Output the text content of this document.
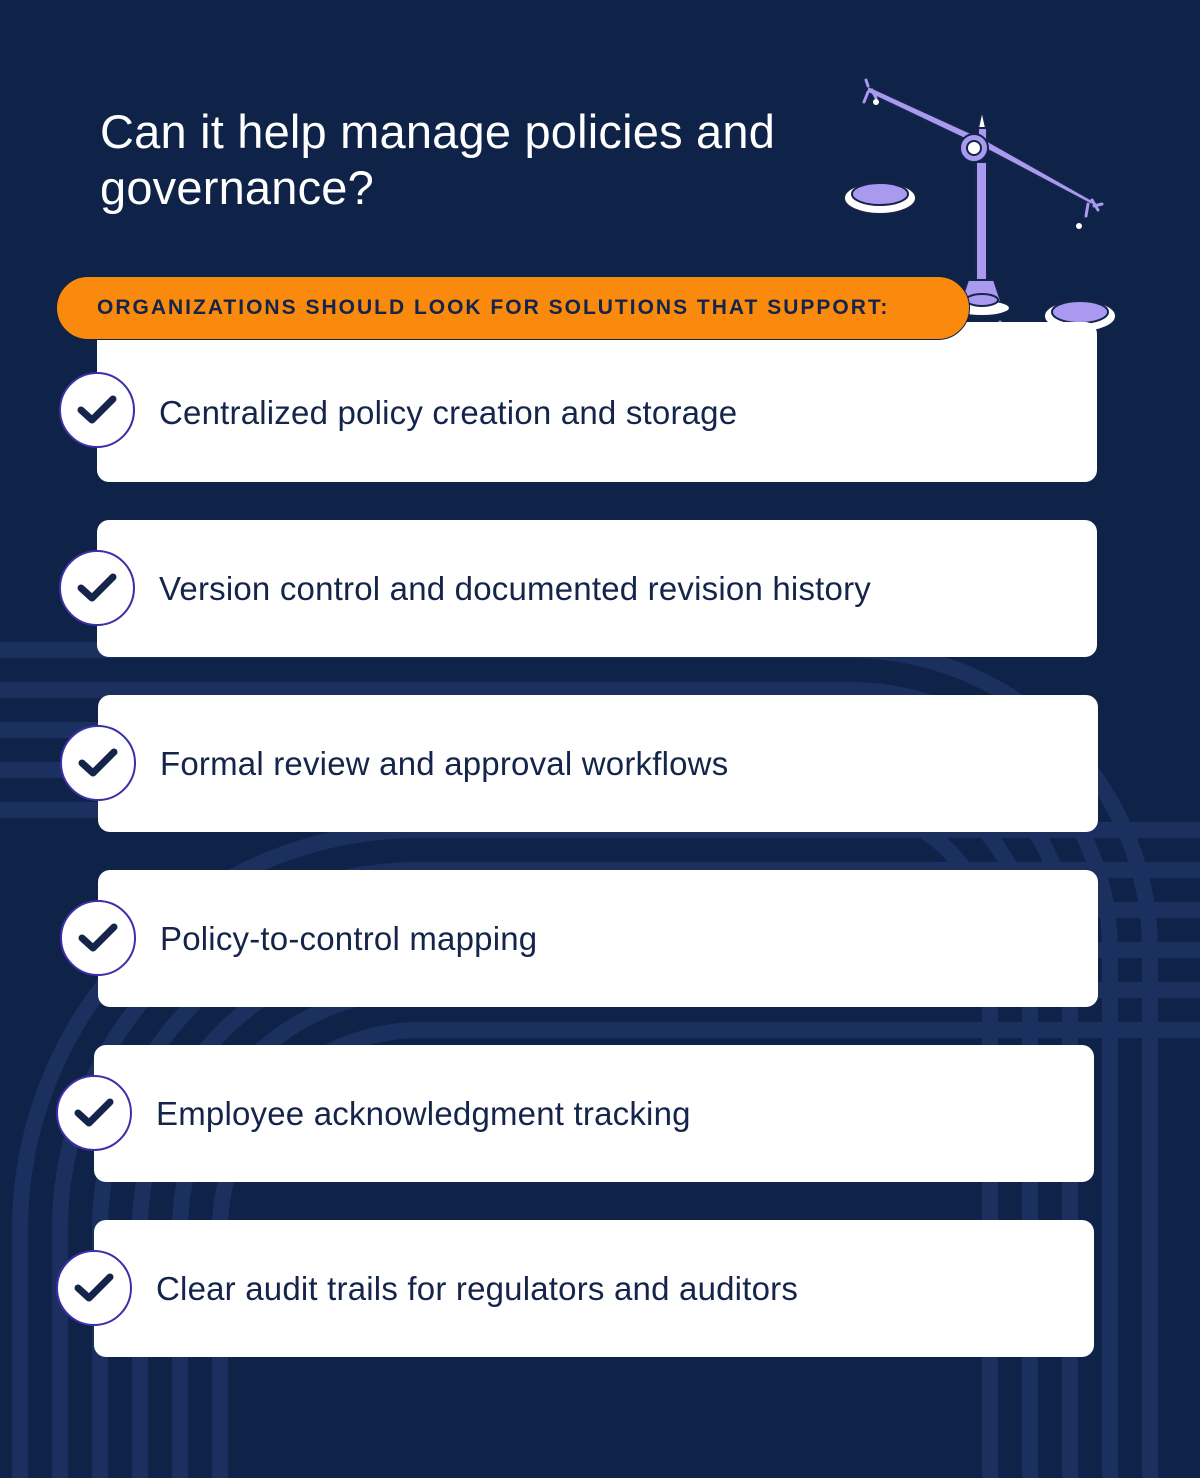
Can it help manage policies and governance?
ORGANIZATIONS SHOULD LOOK FOR SOLUTIONS THAT SUPPORT:
Centralized policy creation and storage
Version control and documented revision history
Formal review and approval workflows
Policy-to-control mapping
Employee acknowledgment tracking
Clear audit trails for regulators and auditors
